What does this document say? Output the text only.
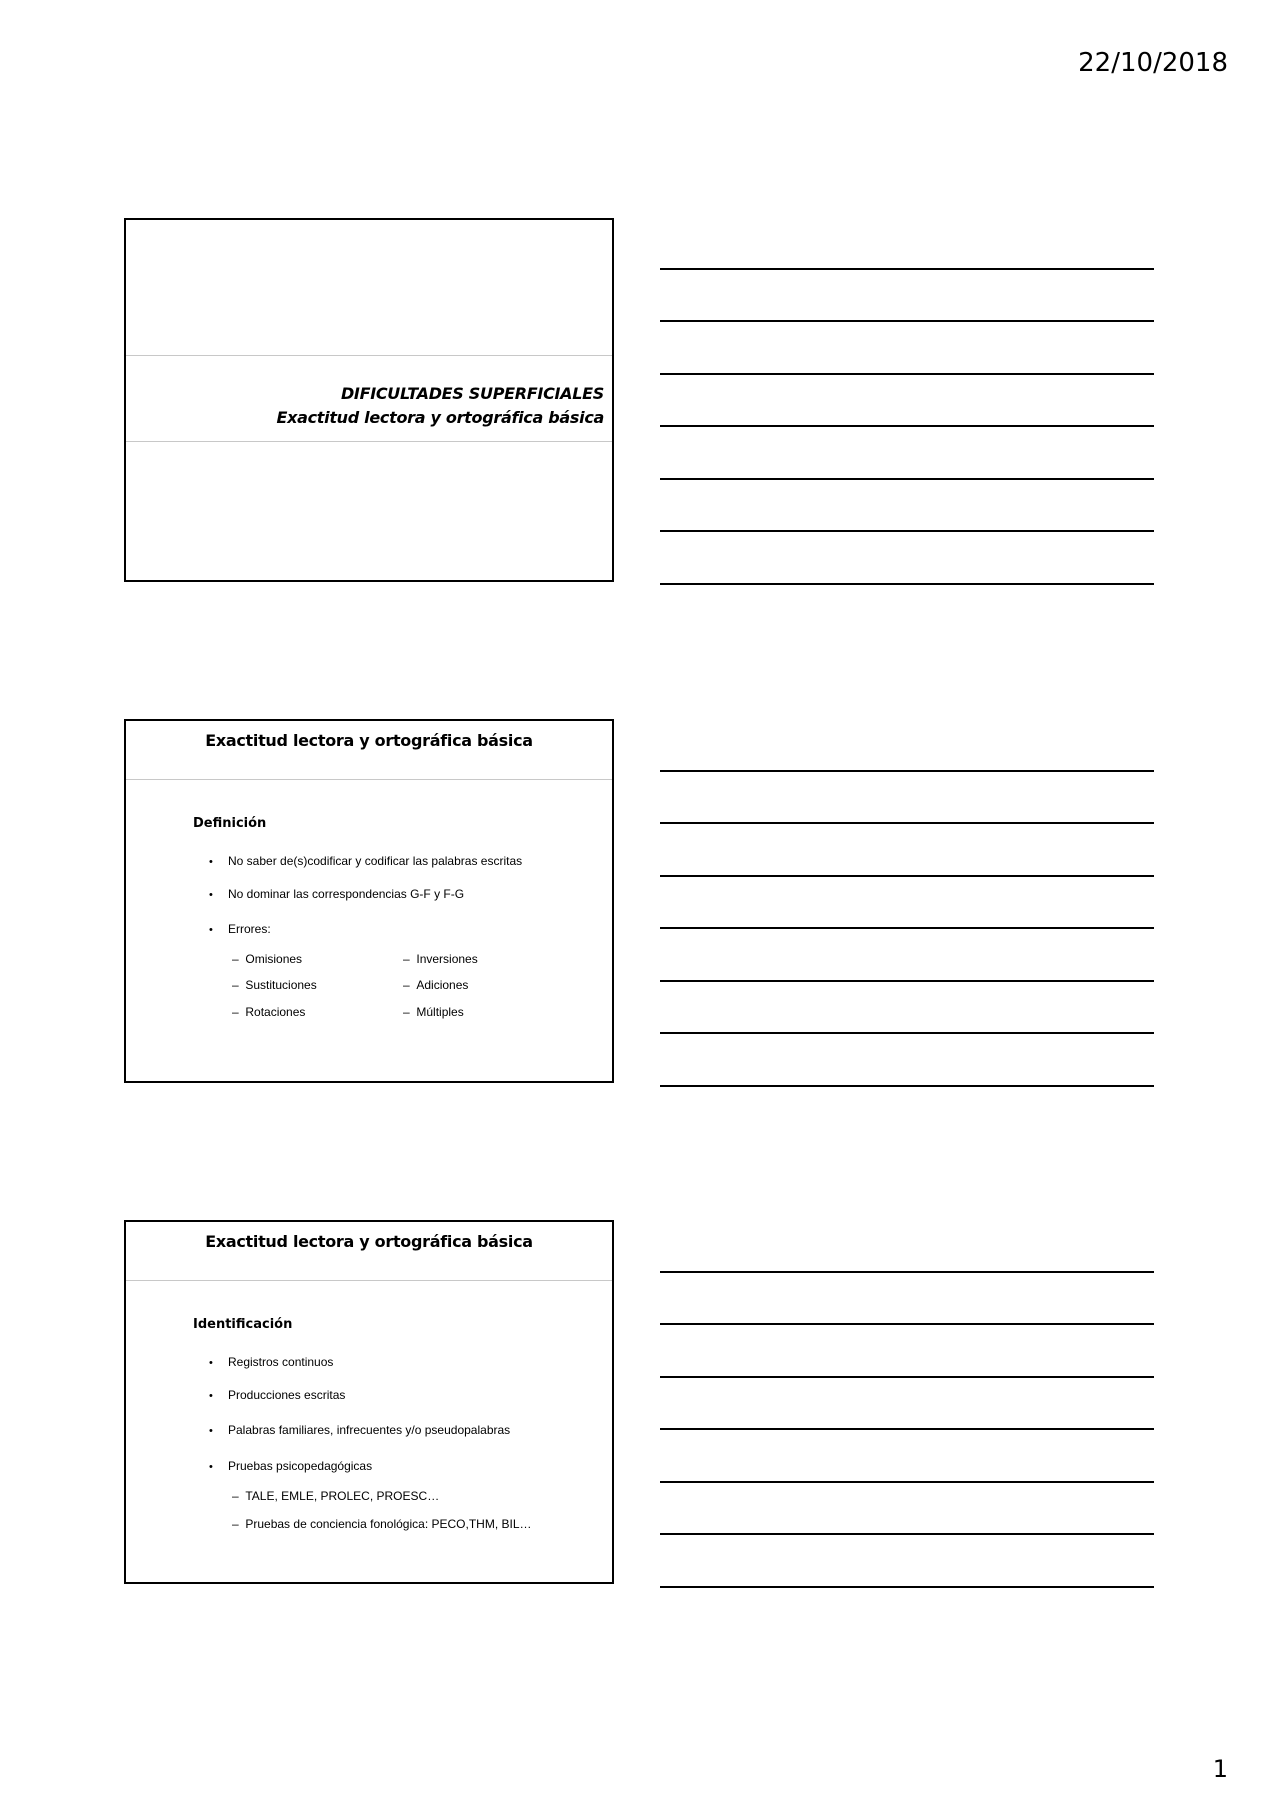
22/10/2018
DIFICULTADES SUPERFICIALES
Exactitud lectora y ortográfica básica
Exactitud lectora y ortográfica básica
Definición
• No saber de(s)codificar y codificar las palabras escritas
• No dominar las correspondencias G-F y F-G
• Errores:
– Omisiones
– Sustituciones
– Rotaciones
– Inversiones
– Adiciones
– Múltiples
Exactitud lectora y ortográfica básica
Identificación
• Registros continuos
• Producciones escritas
• Palabras familiares, infrecuentes y/o pseudopalabras
• Pruebas psicopedagógicas
– TALE, EMLE, PROLEC, PROESC…
– Pruebas de conciencia fonológica: PECO,THM, BIL…
1
